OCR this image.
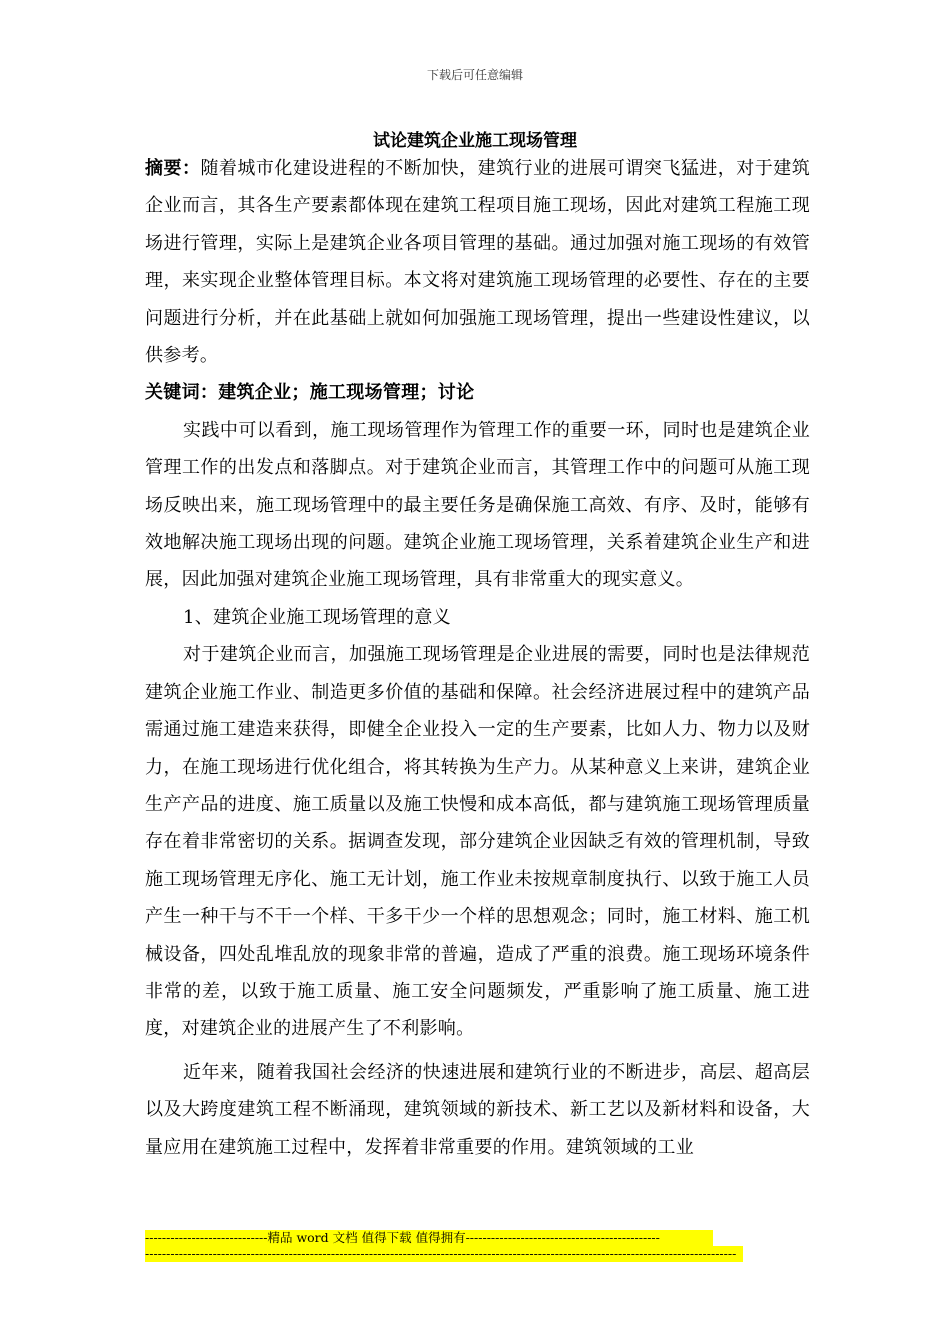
下载后可任意编辑
试论建筑企业施工现场管理

摘要：随着城市化建设进程的不断加快，建筑行业的进展可谓突飞猛进，对于建筑企业而言，其各生产要素都体现在建筑工程项目施工现场，因此对建筑工程施工现场进行管理，实际上是建筑企业各项目管理的基础。通过加强对施工现场的有效管理，来实现企业整体管理目标。本文将对建筑施工现场管理的必要性、存在的主要问题进行分析，并在此基础上就如何加强施工现场管理，提出一些建设性建议，以供参考。

关键词：建筑企业；施工现场管理；讨论

实践中可以看到，施工现场管理作为管理工作的重要一环，同时也是建筑企业管理工作的出发点和落脚点。对于建筑企业而言，其管理工作中的问题可从施工现场反映出来，施工现场管理中的最主要任务是确保施工高效、有序、及时，能够有效地解决施工现场出现的问题。建筑企业施工现场管理，关系着建筑企业生产和进展，因此加强对建筑企业施工现场管理，具有非常重大的现实意义。

1、建筑企业施工现场管理的意义

对于建筑企业而言，加强施工现场管理是企业进展的需要，同时也是法律规范建筑企业施工作业、制造更多价值的基础和保障。社会经济进展过程中的建筑产品需通过施工建造来获得，即健全企业投入一定的生产要素，比如人力、物力以及财力，在施工现场进行优化组合，将其转换为生产力。从某种意义上来讲，建筑企业生产产品的进度、施工质量以及施工快慢和成本高低，都与建筑施工现场管理质量存在着非常密切的关系。据调查发现，部分建筑企业因缺乏有效的管理机制，导致施工现场管理无序化、施工无计划，施工作业未按规章制度执行、以致于施工人员产生一种干与不干一个样、干多干少一个样的思想观念；同时，施工材料、施工机械设备，四处乱堆乱放的现象非常的普遍，造成了严重的浪费。施工现场环境条件非常的差，以致于施工质量、施工安全问题频发，严重影响了施工质量、施工进度，对建筑企业的进展产生了不利影响。

近年来，随着我国社会经济的快速进展和建筑行业的不断进步，高层、超高层以及大跨度建筑工程不断涌现，建筑领域的新技术、新工艺以及新材料和设备，大量应用在建筑施工过程中，发挥着非常重要的作用。建筑领域的工业

-----------------------------精品 word 文档 值得下载 值得拥有----------------------------------------------
--------------------------------------------------------------------------------------------------------------------------------------------
